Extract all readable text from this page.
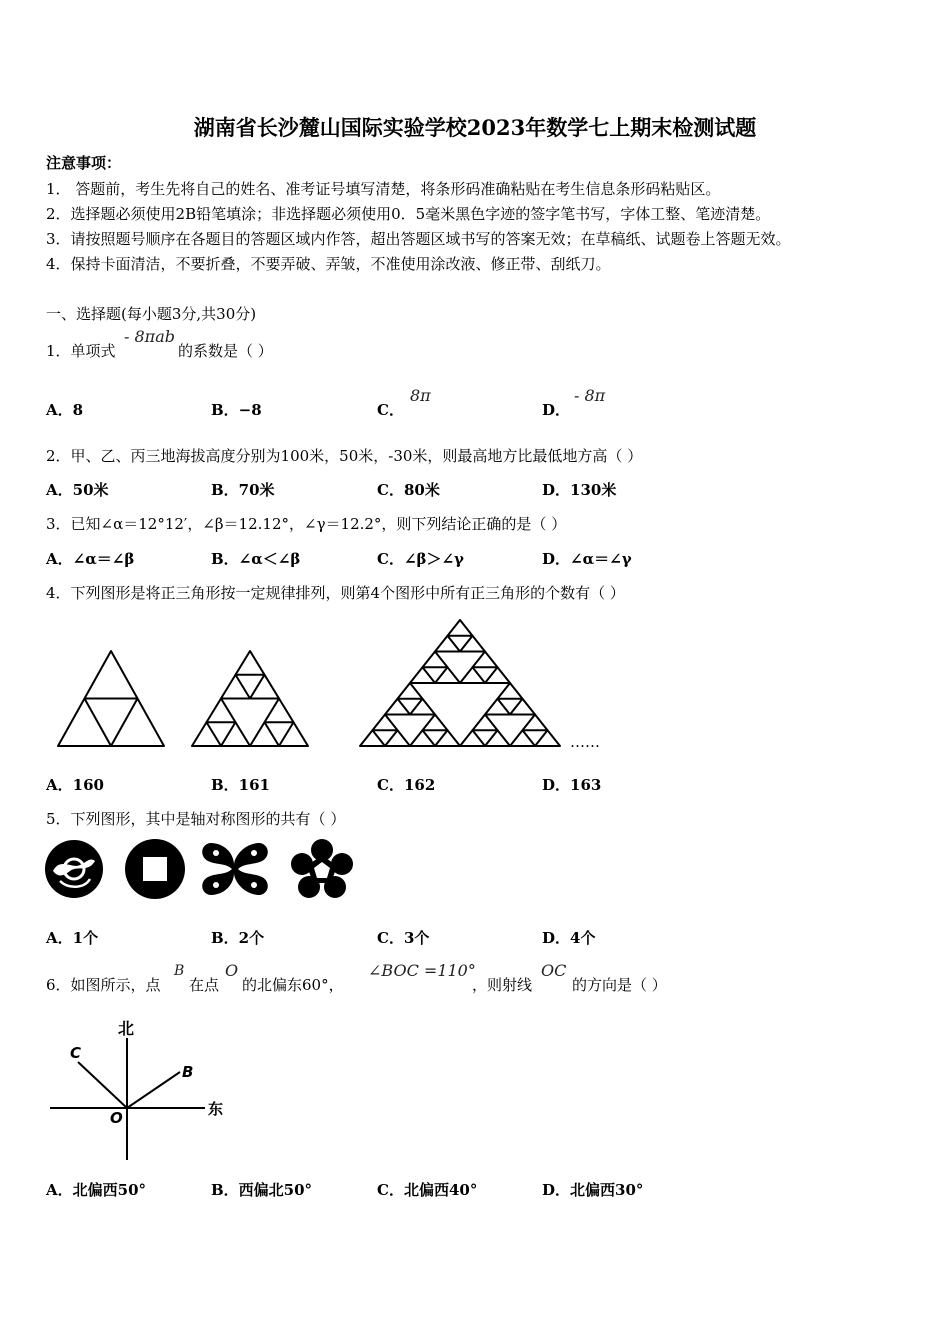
湖南省长沙麓山国际实验学校2023年数学七上期末检测试题
注意事项：
1． 答题前，考生先将自己的姓名、准考证号填写清楚，将条形码准确粘贴在考生信息条形码粘贴区。
2．选择题必须使用2B铅笔填涂；非选择题必须使用0．5毫米黑色字迹的签字笔书写，字体工整、笔迹清楚。
3．请按照题号顺序在各题目的答题区域内作答，超出答题区域书写的答案无效；在草稿纸、试题卷上答题无效。
4．保持卡面清洁，不要折叠，不要弄破、弄皱，不准使用涂改液、修正带、刮纸刀。
一、选择题(每小题3分,共30分)
1．单项式
- 8πab
的系数是（ ）
A．8	B．−8	C．
8π
D．
- 8π
2．甲、乙、丙三地海拔高度分别为100米，50米，-30米，则最高地方比最低地方高（ ）
A．50米	B．70米	C．80米	D．130米
3．已知∠α＝12°12′，∠β＝12.12°，∠γ＝12.2°，则下列结论正确的是（ ）
A．∠α＝∠β	B．∠α＜∠β	C．∠β＞∠γ	D．∠α＝∠γ
4．下列图形是将正三角形按一定规律排列，则第4个图形中所有正三角形的个数有（ ）
……
A．160	B．161	C．162	D．163
5．下列图形，其中是轴对称图形的共有（ ）
A．1个	B．2个	C．3个	D．4个
6．如图所示，点
B
在点
O
的北偏东60°，
∠BOC =110°
，则射线
OC
的方向是（ ）
北
东
C
B
O
A．北偏西50°	B．西偏北50°	C．北偏西40°	D．北偏西30°
